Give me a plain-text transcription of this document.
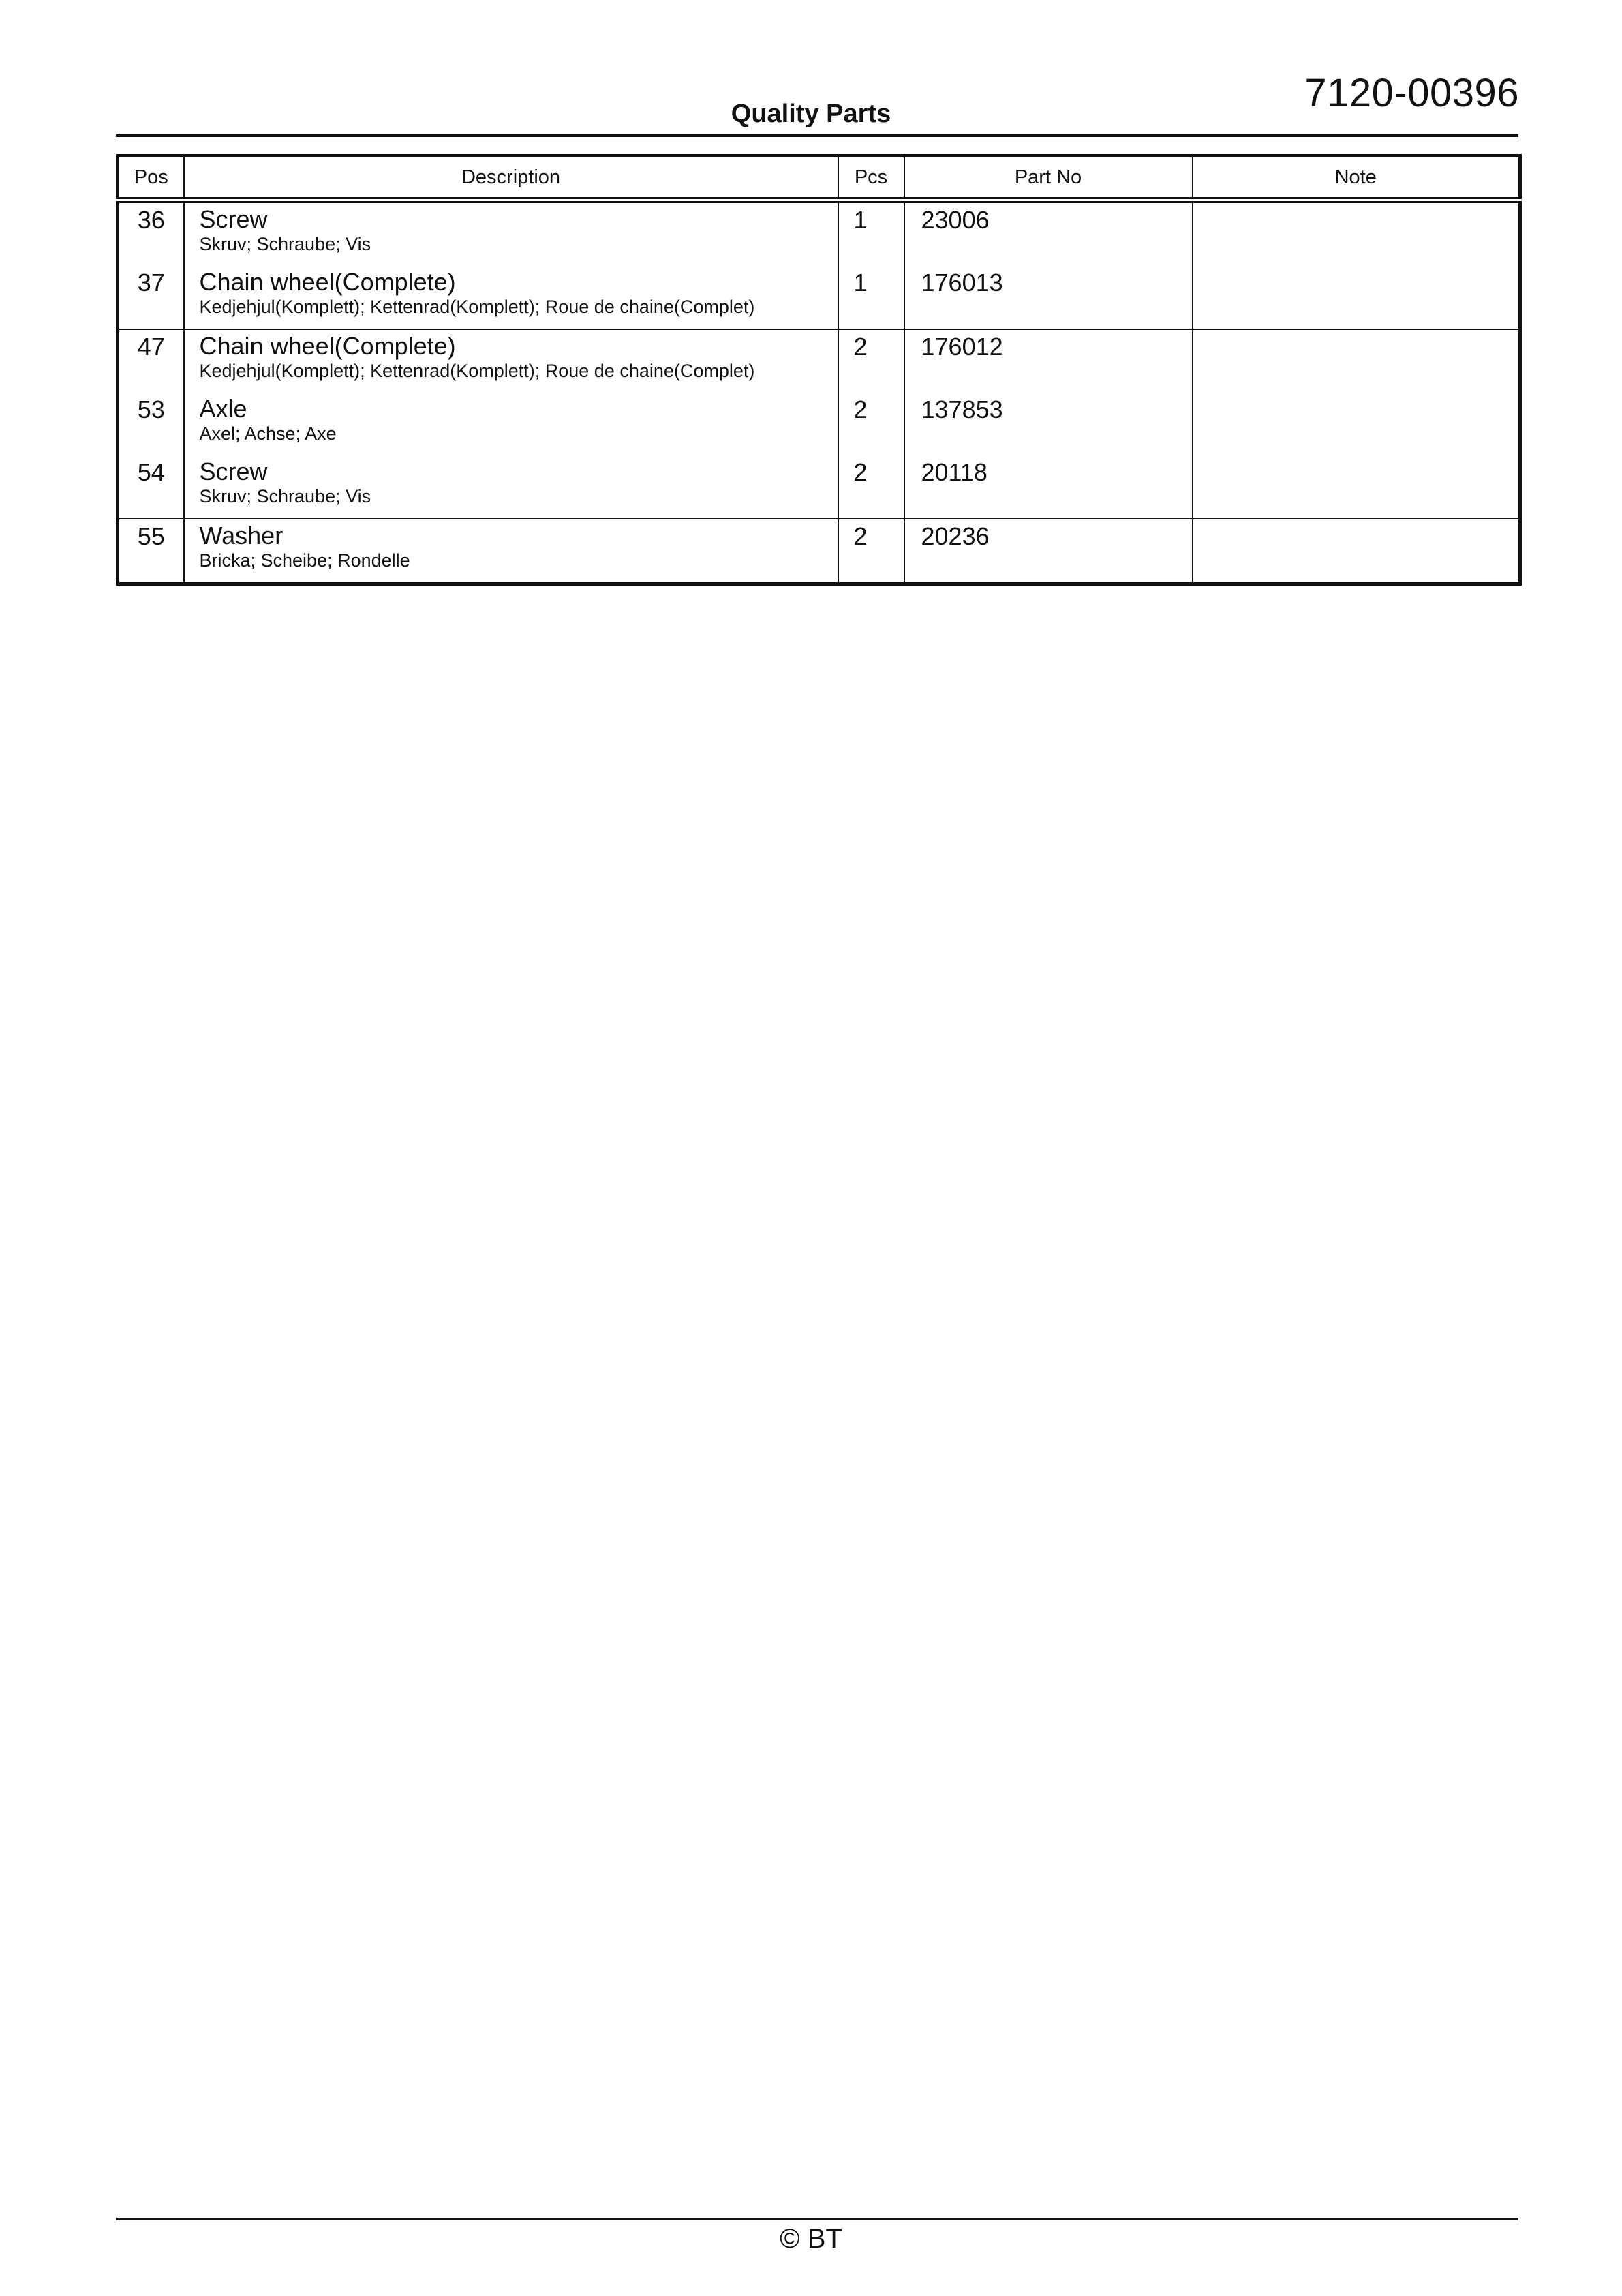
7120-00396
Quality Parts
Pos	Description	Pcs	Part No	Note
36	Screw
Skruv; Schraube; Vis	1	23006	
37	Chain wheel(Complete)
Kedjehjul(Komplett); Kettenrad(Komplett); Roue de chaine(Complet)	1	176013	
47	Chain wheel(Complete)
Kedjehjul(Komplett); Kettenrad(Komplett); Roue de chaine(Complet)	2	176012	
53	Axle
Axel; Achse; Axe	2	137853	
54	Screw
Skruv; Schraube; Vis	2	20118	
55	Washer
Bricka; Scheibe; Rondelle	2	20236	
© BT
